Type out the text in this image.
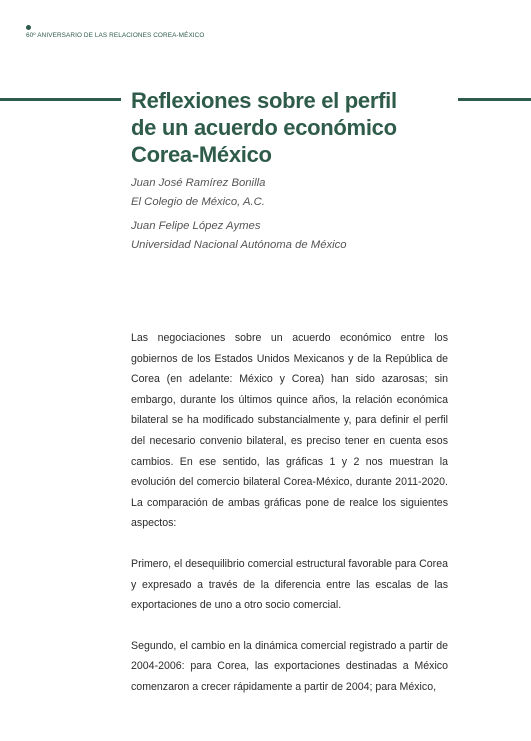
60º ANIVERSARIO DE LAS RELACIONES COREA-MÉXICO
Reflexiones sobre el perfil
de un acuerdo económico
Corea-México
Juan José Ramírez Bonilla
El Colegio de México, A.C.
Juan Felipe López Aymes
Universidad Nacional Autónoma de México

Las negociaciones sobre un acuerdo económico entre los gobiernos de los Estados Unidos Mexicanos y de la República de Corea (en adelante: México y Corea) han sido azarosas; sin embargo, durante los últimos quince años, la relación económica bilateral se ha modificado substancialmente y, para definir el perfil del necesario convenio bilateral, es preciso tener en cuenta esos cambios. En ese sentido, las gráficas 1 y 2 nos muestran la evolución del comercio bilateral Corea-México, durante 2011-2020. La comparación de ambas gráficas pone de realce los siguientes aspectos:

Primero, el desequilibrio comercial estructural favorable para Corea y expresado a través de la diferencia entre las escalas de las exportaciones de uno a otro socio comercial.

Segundo, el cambio en la dinámica comercial registrado a partir de 2004-2006: para Corea, las exportaciones destinadas a México comenzaron a crecer rápidamente a partir de 2004; para México,
